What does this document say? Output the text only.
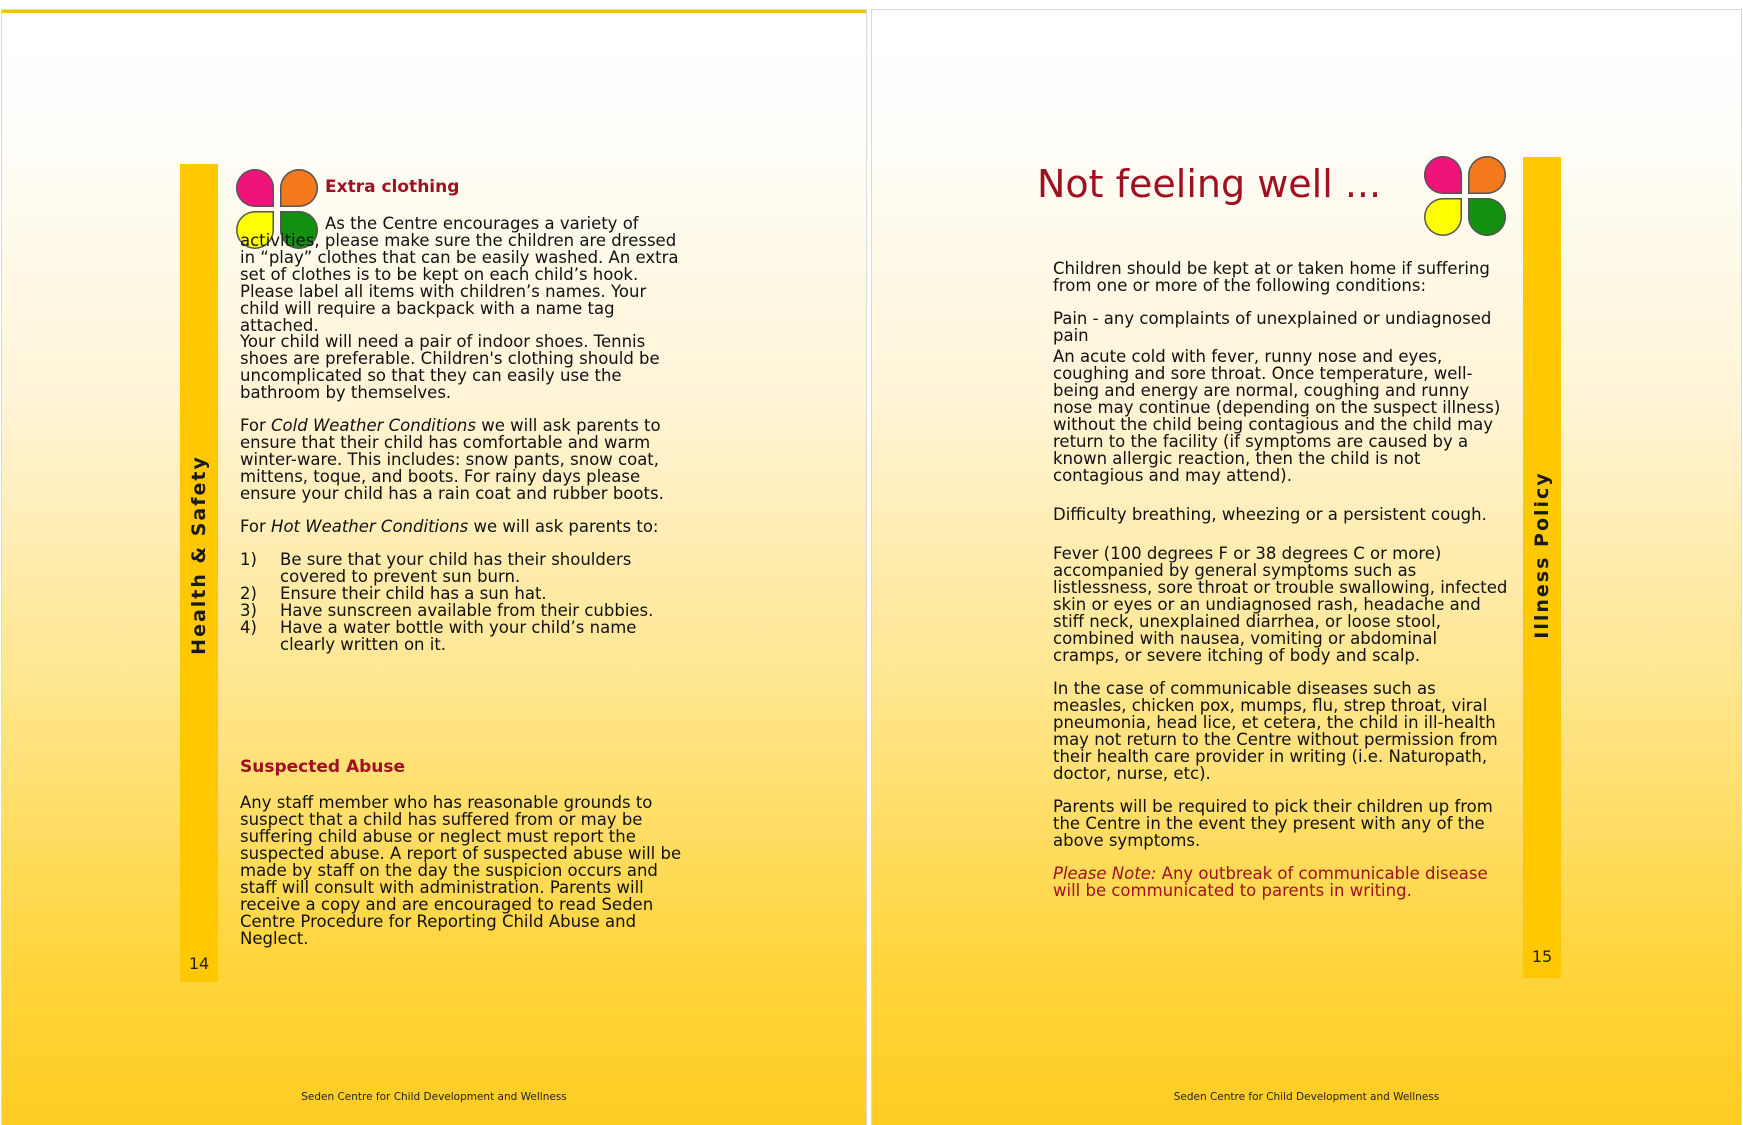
Health & Safety
14
Extra clothing

As the Centre encourages a variety of activities, please make sure the children are dressed in “play” clothes that can be easily washed. An extra set of clothes is to be kept on each child’s hook. Please label all items with children’s names. Your child will require a backpack with a name tag attached.

Your child will need a pair of indoor shoes. Tennis shoes are preferable. Children's clothing should be uncomplicated so that they can easily use the bathroom by themselves.

For Cold Weather Conditions we will ask parents to ensure that their child has comfortable and warm winter-ware. This includes: snow pants, snow coat, mittens, toque, and boots. For rainy days please ensure your child has a rain coat and rubber boots.

For Hot Weather Conditions we will ask parents to:

1) Be sure that your child has their shoulders covered to prevent sun burn.
2) Ensure their child has a sun hat.
3) Have sunscreen available from their cubbies.
4) Have a water bottle with your child’s name clearly written on it.
Suspected Abuse

Any staff member who has reasonable grounds to suspect that a child has suffered from or may be suffering child abuse or neglect must report the suspected abuse. A report of suspected abuse will be made by staff on the day the suspicion occurs and staff will consult with administration. Parents will receive a copy and are encouraged to read Seden Centre Procedure for Reporting Child Abuse and Neglect.

Seden Centre for Child Development and Wellness
Not feeling well ...
Illness Policy
15

Children should be kept at or taken home if suffering from one or more of the following conditions:

Pain - any complaints of unexplained or undiagnosed pain

An acute cold with fever, runny nose and eyes, coughing and sore throat. Once temperature, well-being and energy are normal, coughing and runny nose may continue (depending on the suspect illness) without the child being contagious and the child may return to the facility (if symptoms are caused by a known allergic reaction, then the child is not contagious and may attend).

Difficulty breathing, wheezing or a persistent cough.

Fever (100 degrees F or 38 degrees C or more) accompanied by general symptoms such as listlessness, sore throat or trouble swallowing, infected skin or eyes or an undiagnosed rash, headache and stiff neck, unexplained diarrhea, or loose stool, combined with nausea, vomiting or abdominal cramps, or severe itching of body and scalp.

In the case of communicable diseases such as measles, chicken pox, mumps, flu, strep throat, viral pneumonia, head lice, et cetera, the child in ill-health may not return to the Centre without permission from their health care provider in writing (i.e. Naturopath, doctor, nurse, etc).

Parents will be required to pick their children up from the Centre in the event they present with any of the above symptoms.

Please Note: Any outbreak of communicable disease will be communicated to parents in writing.

Seden Centre for Child Development and Wellness
